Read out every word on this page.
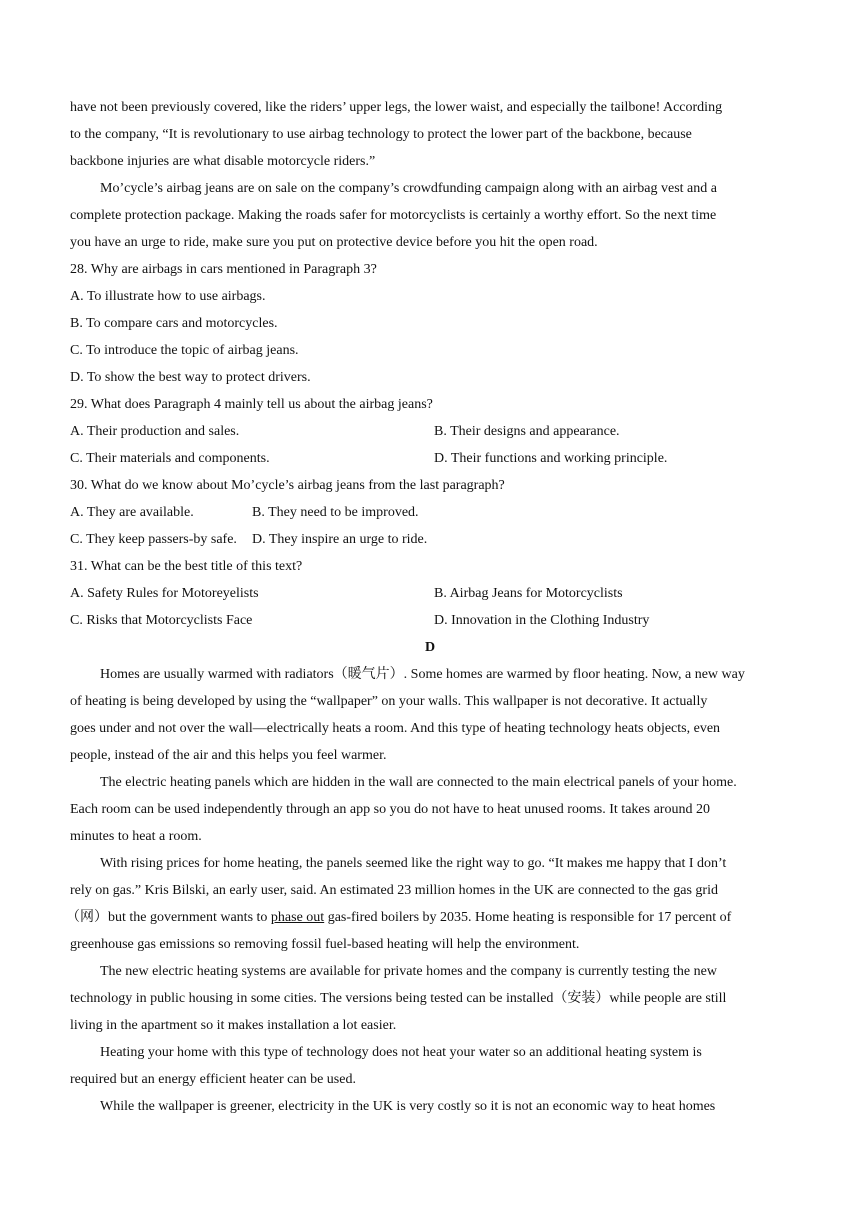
have not been previously covered, like the riders’ upper legs, the lower waist, and especially the tailbone! According
to the company, “It is revolutionary to use airbag technology to protect the lower part of the backbone, because
backbone injuries are what disable motorcycle riders.”
Mo’cycle’s airbag jeans are on sale on the company’s crowdfunding campaign along with an airbag vest and a
complete protection package. Making the roads safer for motorcyclists is certainly a worthy effort. So the next time
you have an urge to ride, make sure you put on protective device before you hit the open road.
28. Why are airbags in cars mentioned in Paragraph 3?
A. To illustrate how to use airbags.
B. To compare cars and motorcycles.
C. To introduce the topic of airbag jeans.
D. To show the best way to protect drivers.
29. What does Paragraph 4 mainly tell us about the airbag jeans?
A. Their production and sales.	B. Their designs and appearance.
C. Their materials and components.	D. Their functions and working principle.
30. What do we know about Mo’cycle’s airbag jeans from the last paragraph?
A. They are available.	B. They need to be improved.
C. They keep passers-by safe.	D. They inspire an urge to ride.
31. What can be the best title of this text?
A. Safety Rules for Motoreyelists	B. Airbag Jeans for Motorcyclists
C. Risks that Motorcyclists Face	D. Innovation in the Clothing Industry
D
Homes are usually warmed with radiators（暖气片）. Some homes are warmed by floor heating. Now, a new way
of heating is being developed by using the “wallpaper” on your walls. This wallpaper is not decorative. It actually
goes under and not over the wall—electrically heats a room. And this type of heating technology heats objects, even
people, instead of the air and this helps you feel warmer.
The electric heating panels which are hidden in the wall are connected to the main electrical panels of your home.
Each room can be used independently through an app so you do not have to heat unused rooms. It takes around 20
minutes to heat a room.
With rising prices for home heating, the panels seemed like the right way to go. “It makes me happy that I don’t
rely on gas.” Kris Bilski, an early user, said. An estimated 23 million homes in the UK are connected to the gas grid
（网）but the government wants to phase out gas-fired boilers by 2035. Home heating is responsible for 17 percent of
greenhouse gas emissions so removing fossil fuel-based heating will help the environment.
The new electric heating systems are available for private homes and the company is currently testing the new
technology in public housing in some cities. The versions being tested can be installed（安装）while people are still
living in the apartment so it makes installation a lot easier.
Heating your home with this type of technology does not heat your water so an additional heating system is
required but an energy efficient heater can be used.
While the wallpaper is greener, electricity in the UK is very costly so it is not an economic way to heat homes
